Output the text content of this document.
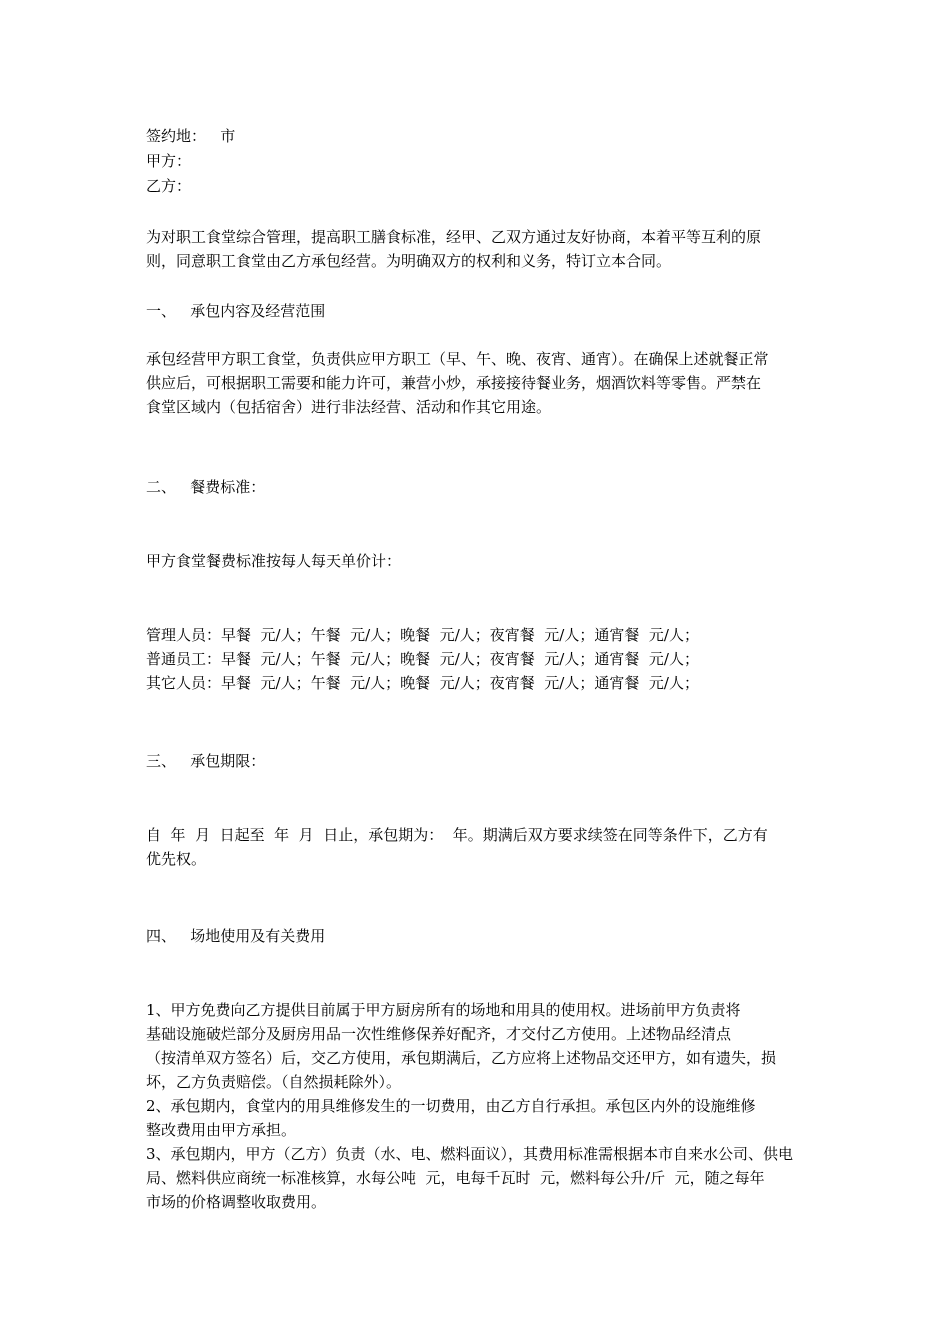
签约地：   市
甲方：
乙方：
为对职工食堂综合管理，提高职工膳食标准，经甲、乙双方通过友好协商，本着平等互利的原
则，同意职工食堂由乙方承包经营。为明确双方的权利和义务，特订立本合同。
一、   承包内容及经营范围
承包经营甲方职工食堂，负责供应甲方职工（早、午、晚、夜宵、通宵）。在确保上述就餐正常
供应后，可根据职工需要和能力许可，兼营小炒，承接接待餐业务，烟酒饮料等零售。严禁在
食堂区域内（包括宿舍）进行非法经营、活动和作其它用途。
二、   餐费标准：
甲方食堂餐费标准按每人每天单价计：
管理人员：早餐  元/人；午餐  元/人；晚餐  元/人；夜宵餐  元/人；通宵餐  元/人；
普通员工：早餐  元/人；午餐  元/人；晚餐  元/人；夜宵餐  元/人；通宵餐  元/人；
其它人员：早餐  元/人；午餐  元/人；晚餐  元/人；夜宵餐  元/人；通宵餐  元/人；
三、   承包期限：
自  年  月  日起至  年  月  日止，承包期为：  年。期满后双方要求续签在同等条件下，乙方有
优先权。
四、   场地使用及有关费用
1、甲方免费向乙方提供目前属于甲方厨房所有的场地和用具的使用权。进场前甲方负责将
基础设施破烂部分及厨房用品一次性维修保养好配齐，才交付乙方使用。上述物品经清点
（按清单双方签名）后，交乙方使用，承包期满后，乙方应将上述物品交还甲方，如有遗失，损
坏，乙方负责赔偿。（自然损耗除外）。
2、承包期内，食堂内的用具维修发生的一切费用，由乙方自行承担。承包区内外的设施维修
整改费用由甲方承担。
3、承包期内，甲方（乙方）负责（水、电、燃料面议），其费用标准需根据本市自来水公司、供电
局、燃料供应商统一标准核算，水每公吨  元，电每千瓦时  元，燃料每公升/斤  元，随之每年
市场的价格调整收取费用。
